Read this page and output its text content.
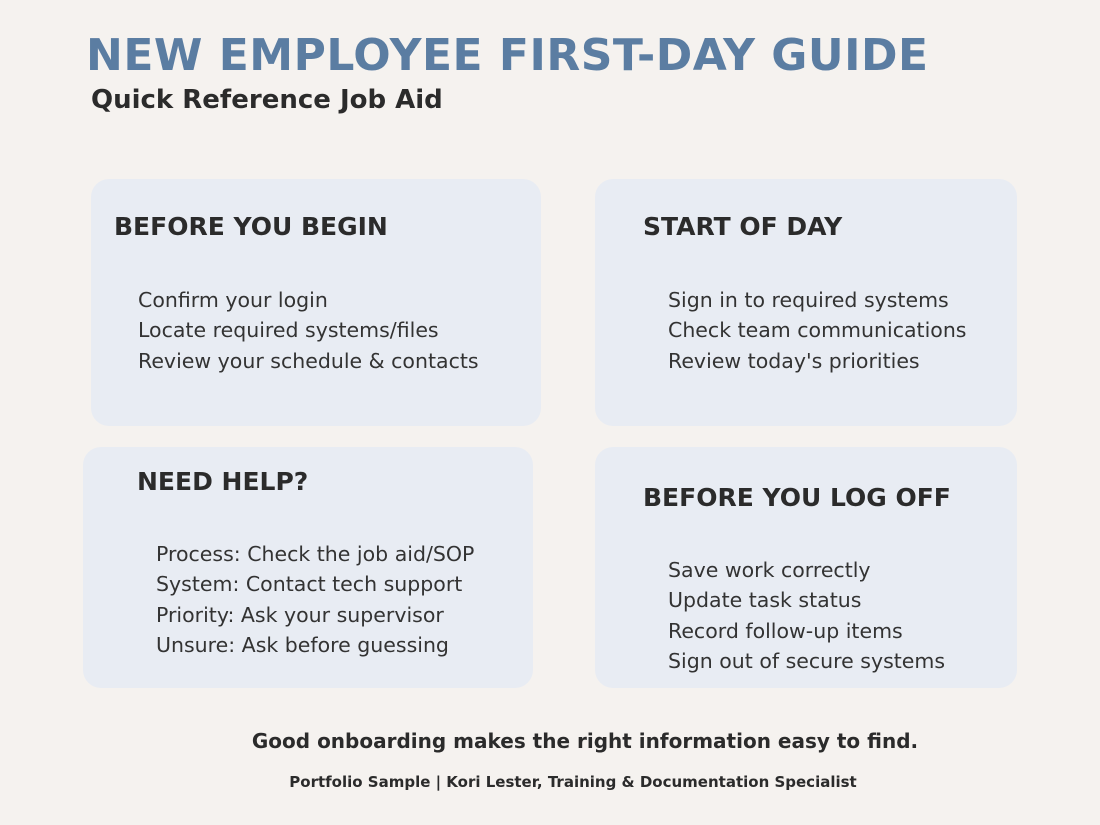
NEW EMPLOYEE FIRST-DAY GUIDE

Quick Reference Job Aid

BEFORE YOU BEGIN
Confirm your login
Locate required systems/files
Review your schedule & contacts
START OF DAY
Sign in to required systems
Check team communications
Review today's priorities
NEED HELP?
Process: Check the job aid/SOP
System: Contact tech support
Priority: Ask your supervisor
Unsure: Ask before guessing
BEFORE YOU LOG OFF
Save work correctly
Update task status
Record follow-up items
Sign out of secure systems

Good onboarding makes the right information easy to find.

Portfolio Sample | Kori Lester, Training & Documentation Specialist
